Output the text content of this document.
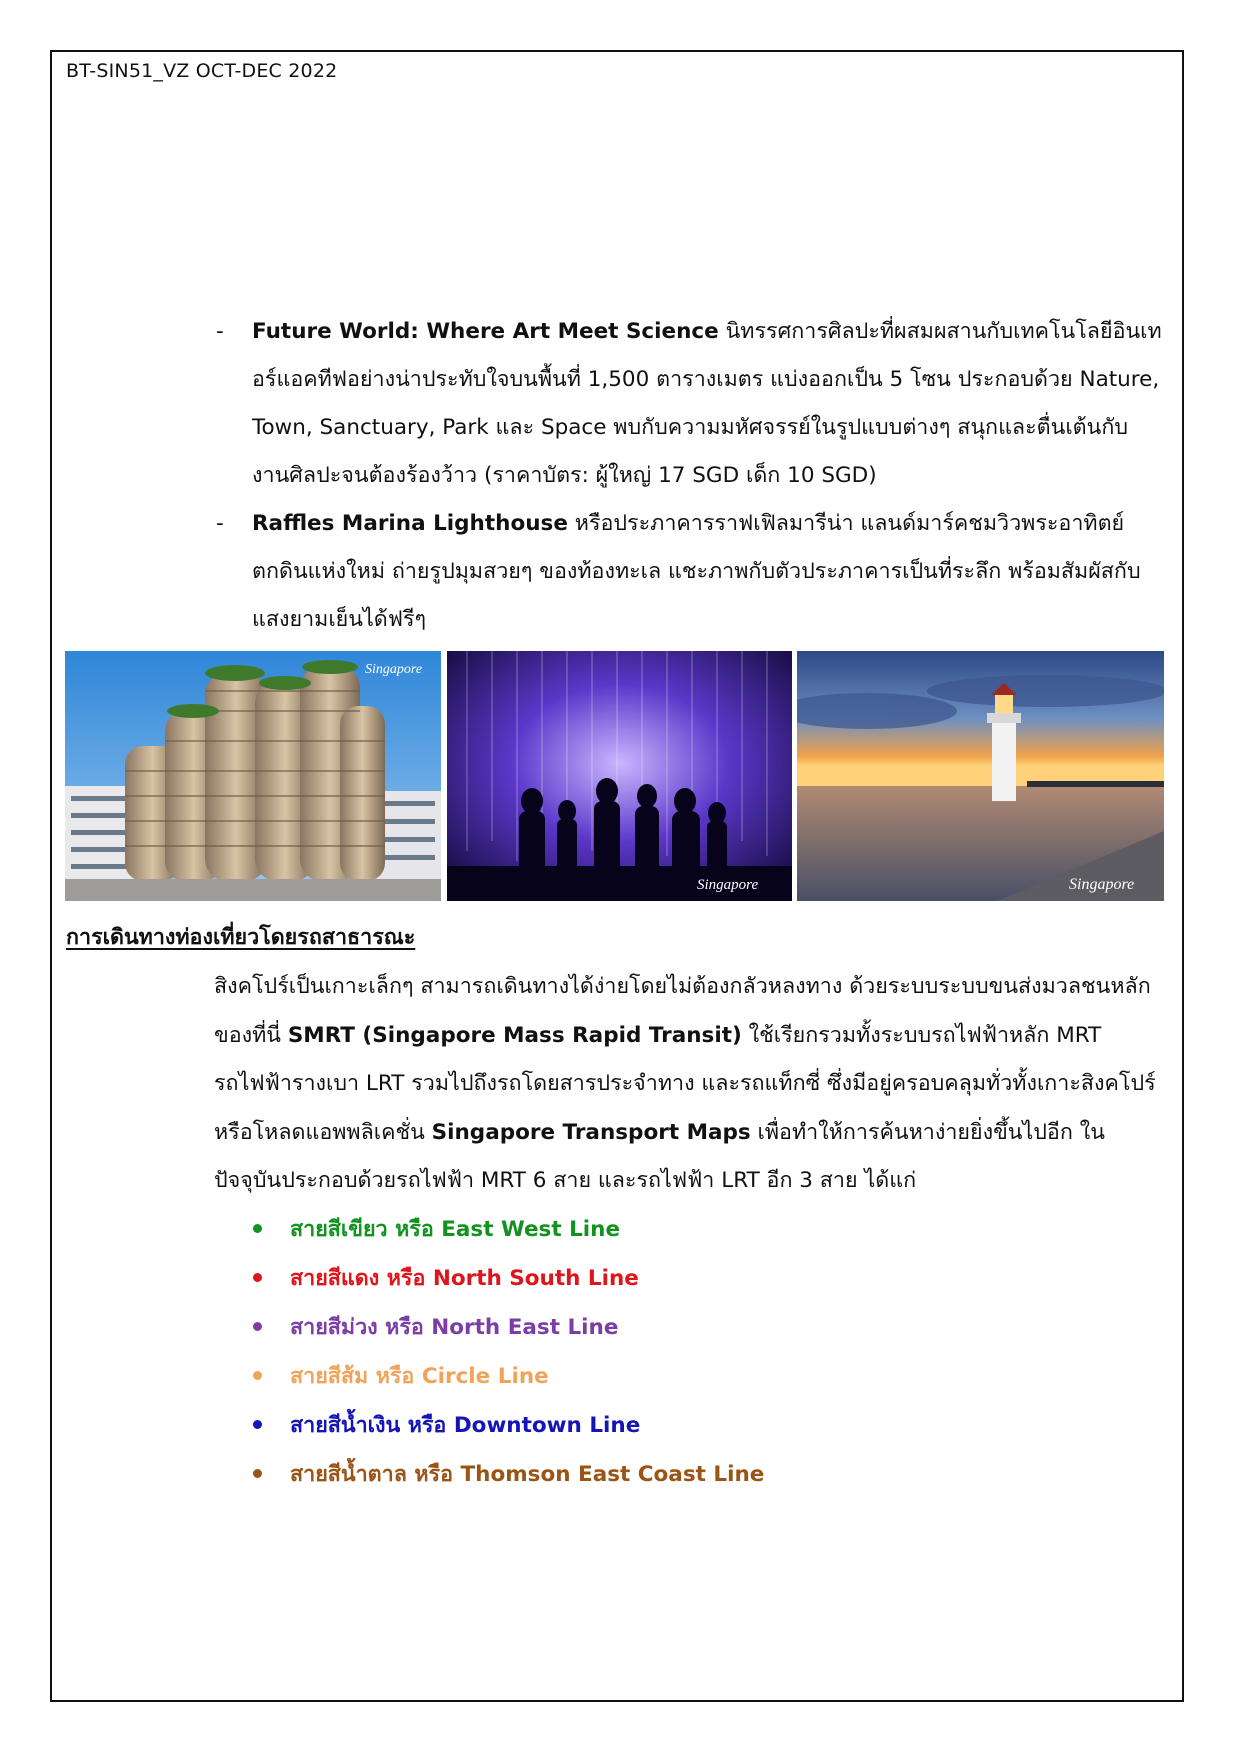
BT-SIN51_VZ OCT-DEC 2022
- Future World: Where Art Meet Science นิทรรศการศิลปะที่ผสมผสานกับเทคโนโลยีอินเทอร์แอคทีฟอย่างน่าประทับใจบนพื้นที่ 1,500 ตารางเมตร แบ่งออกเป็น 5 โซน ประกอบด้วย Nature, Town, Sanctuary, Park และ Space พบกับความมหัศจรรย์ในรูปแบบต่างๆ สนุกและตื่นเต้นกับงานศิลปะจนต้องร้องว้าว (ราคาบัตร: ผู้ใหญ่ 17 SGD เด็ก 10 SGD)
- Raffles Marina Lighthouse หรือประภาคารราฟเฟิลมารีน่า แลนด์มาร์คชมวิวพระอาทิตย์ตกดินแห่งใหม่ ถ่ายรูปมุมสวยๆ ของท้องทะเล แชะภาพกับตัวประภาคารเป็นที่ระลึก พร้อมสัมผัสกับแสงยามเย็นได้ฟรีๆ
Singapore
Singapore	Singapore
การเดินทางท่องเที่ยวโดยรถสาธารณะ

สิงคโปร์เป็นเกาะเล็กๆ สามารถเดินทางได้ง่ายโดยไม่ต้องกลัวหลงทาง ด้วยระบบระบบขนส่งมวลชนหลักของที่นี่ SMRT (Singapore Mass Rapid Transit) ใช้เรียกรวมทั้งระบบรถไฟฟ้าหลัก MRT รถไฟฟ้ารางเบา LRT รวมไปถึงรถโดยสารประจำทาง และรถแท็กซี่ ซึ่งมีอยู่ครอบคลุมทั่วทั้งเกาะสิงคโปร์ หรือโหลดแอพพลิเคชั่น Singapore Transport Maps เพื่อทำให้การค้นหาง่ายยิ่งขึ้นไปอีก ในปัจจุบันประกอบด้วยรถไฟฟ้า MRT 6 สาย และรถไฟฟ้า LRT อีก 3 สาย ได้แก่

สายสีเขียว หรือ East West Line
สายสีแดง หรือ North South Line
สายสีม่วง หรือ North East Line
สายสีส้ม หรือ Circle Line
สายสีน้ำเงิน หรือ Downtown Line
สายสีน้ำตาล หรือ Thomson East Coast Line
